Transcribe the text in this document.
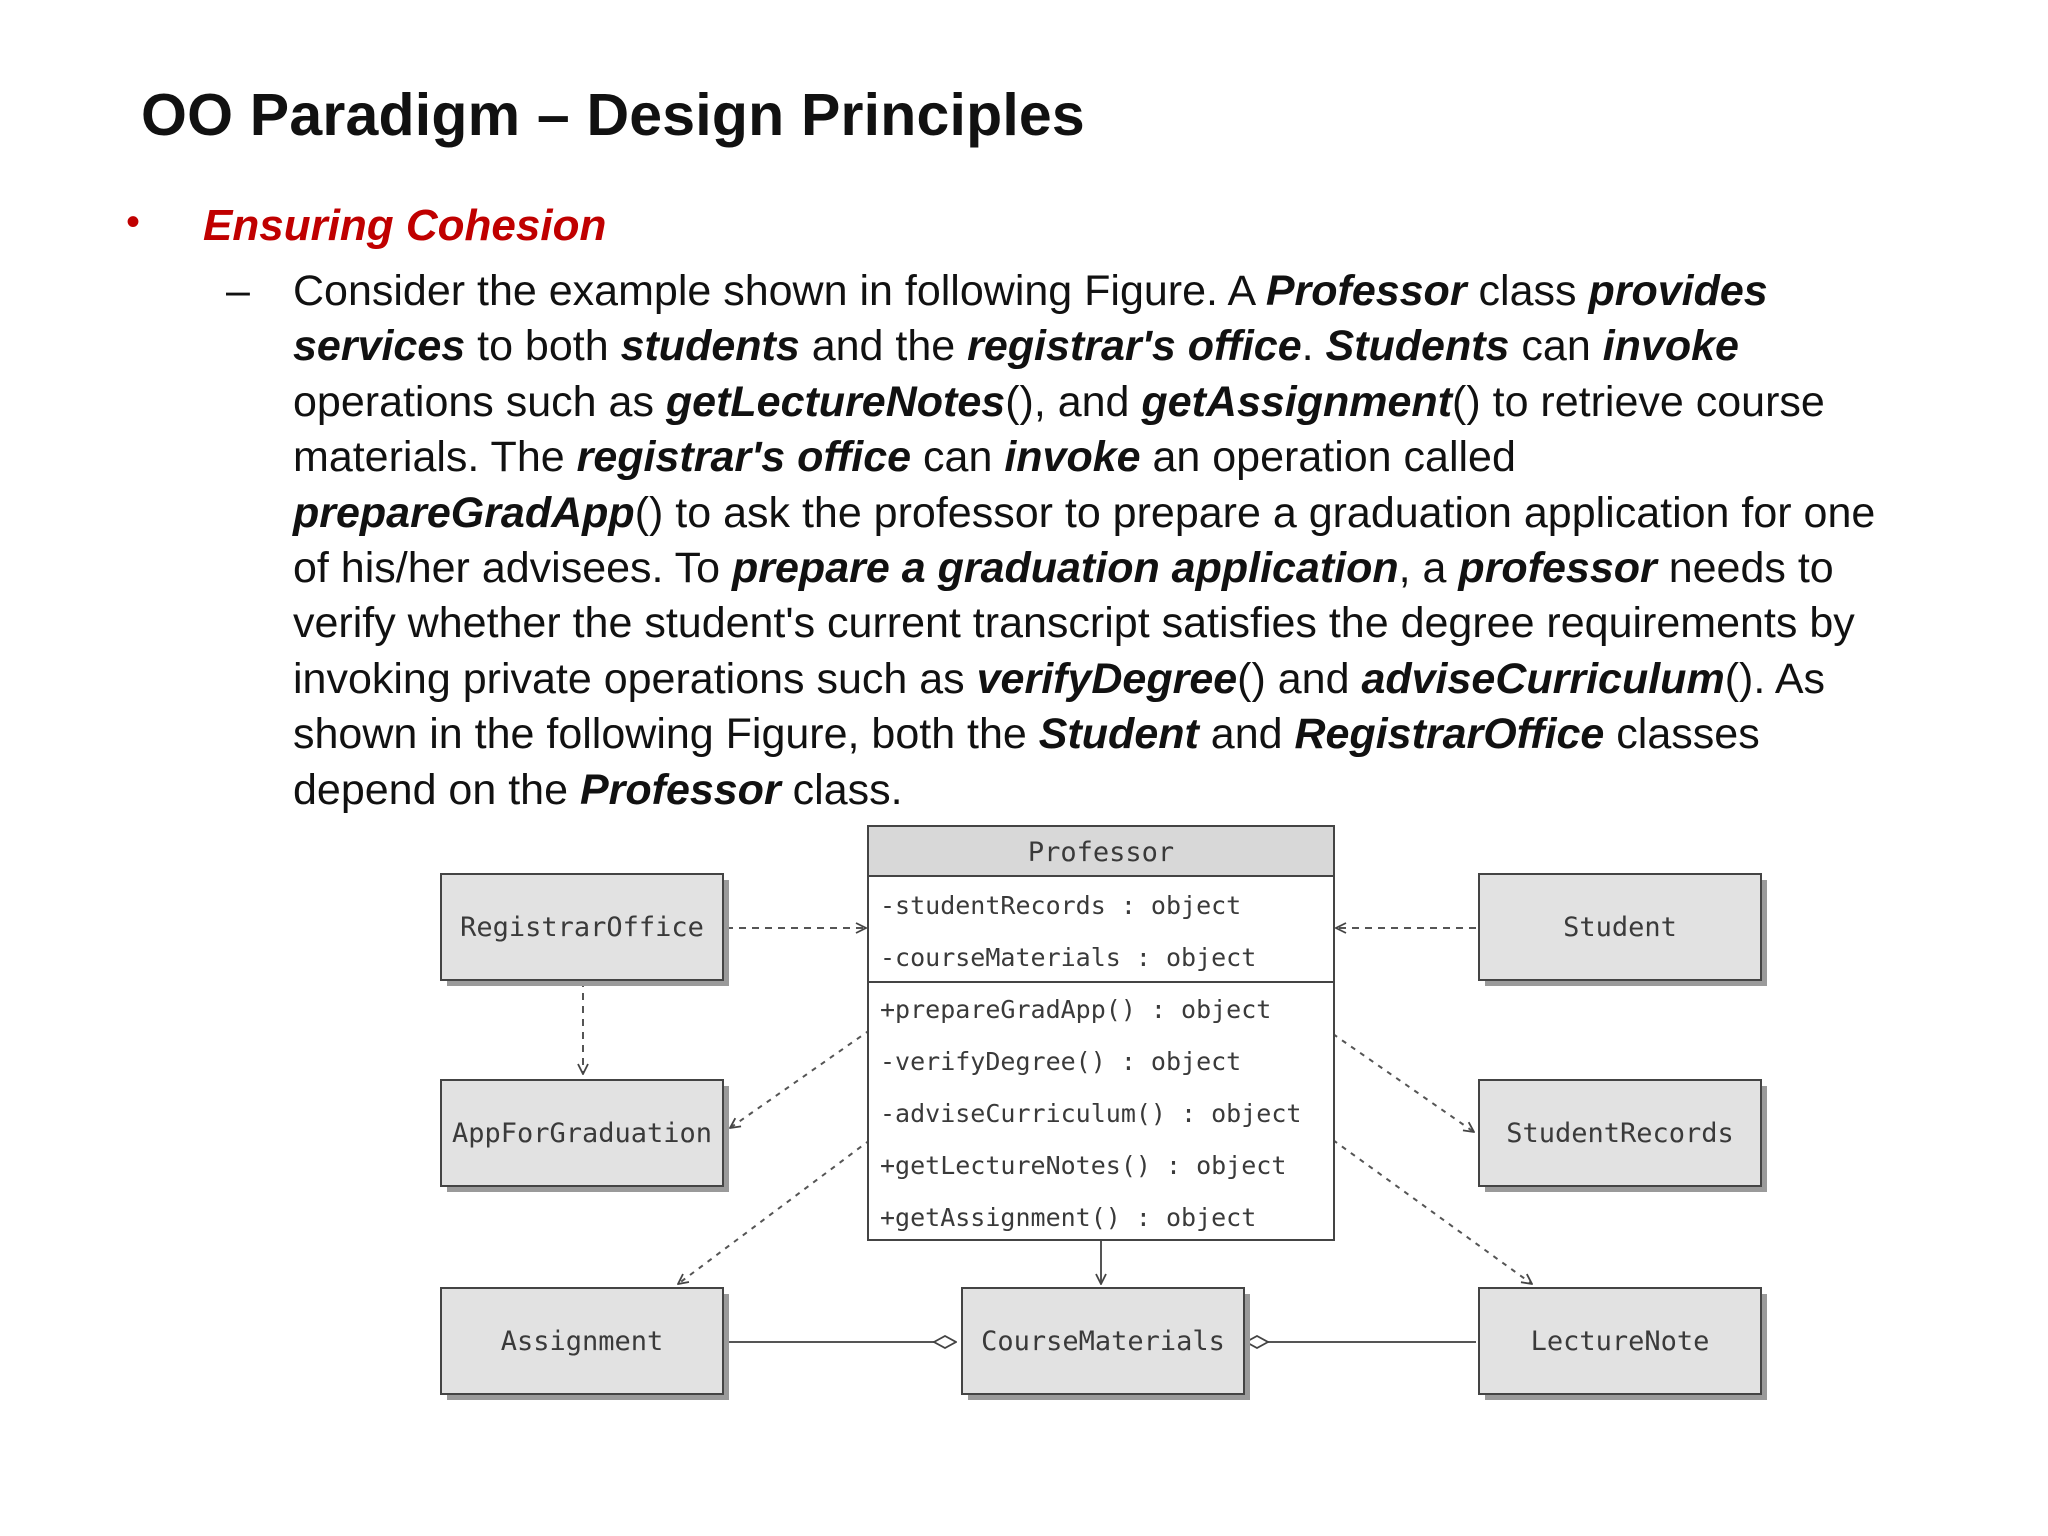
OO Paradigm – Design Principles
• Ensuring Cohesion
– Consider the example shown in following Figure. A Professor class provides
services to both students and the registrar's office. Students can invoke
operations such as getLectureNotes(), and getAssignment() to retrieve course
materials. The registrar's office can invoke an operation called
prepareGradApp() to ask the professor to prepare a graduation application for one
of his/her advisees. To prepare a graduation application, a professor needs to
verify whether the student's current transcript satisfies the degree requirements by
invoking private operations such as verifyDegree() and adviseCurriculum(). As
shown in the following Figure, both the Student and RegistrarOffice classes
depend on the Professor class.
RegistrarOffice	Student
AppForGraduation	StudentRecords
Assignment	CourseMaterials	LectureNote
Professor
-studentRecords : object
-courseMaterials : object
+prepareGradApp() : object
-verifyDegree() : object
-adviseCurriculum() : object
+getLectureNotes() : object
+getAssignment() : object
